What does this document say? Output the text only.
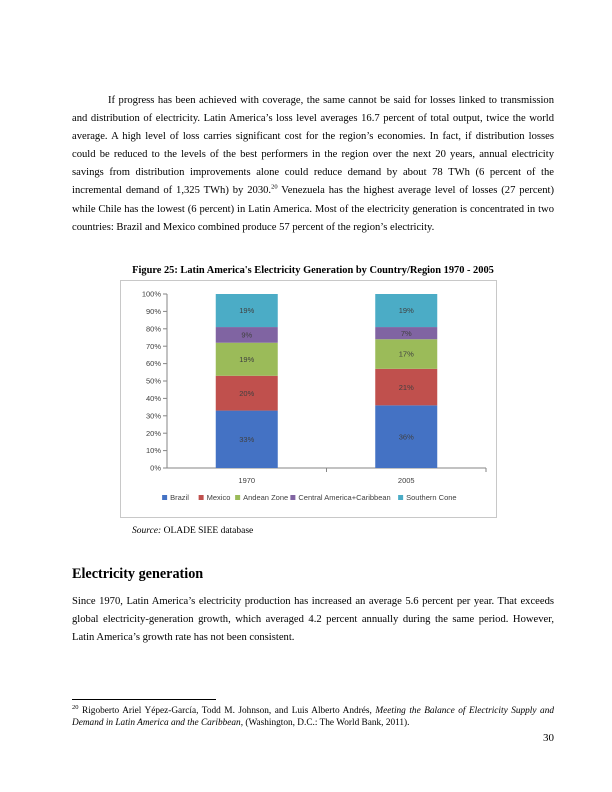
If progress has been achieved with coverage, the same cannot be said for losses linked to transmission and distribution of electricity. Latin America’s loss level averages 16.7 percent of total output, twice the world average. A high level of loss carries significant cost for the region’s economies. In fact, if distribution losses could be reduced to the levels of the best performers in the region over the next 20 years, annual electricity savings from distribution improvements alone could reduce demand by about 78 TWh (6 percent of the incremental demand of 1,325 TWh) by 2030.20 Venezuela has the highest average level of losses (27 percent) while Chile has the lowest (6 percent) in Latin America. Most of the electricity generation is concentrated in two countries: Brazil and Mexico combined produce 57 percent of the region’s electricity.

Figure 25: Latin America's Electricity Generation by Country/Region 1970 - 2005
0%
10%
20%
30%
40%
50%
60%
70%
80%
90%
100%
33%
20%
19%
9%
19%
1970
36%
21%
17%
7%
19%
2005
Brazil Mexico Andean Zone Central America+Caribbean Southern Cone
Source: OLADE SIEE database
Electricity generation

Since 1970, Latin America’s electricity production has increased an average 5.6 percent per year. That exceeds global electricity-generation growth, which averaged 4.2 percent annually during the same period. However, Latin America’s growth rate has not been consistent.

$^{20}$ Rigoberto Ariel Yépez-García, Todd M. Johnson, and Luis Alberto Andrés, Meeting the Balance of Electricity Supply and Demand in Latin America and the Caribbean, (Washington, D.C.: The World Bank, 2011).
30
